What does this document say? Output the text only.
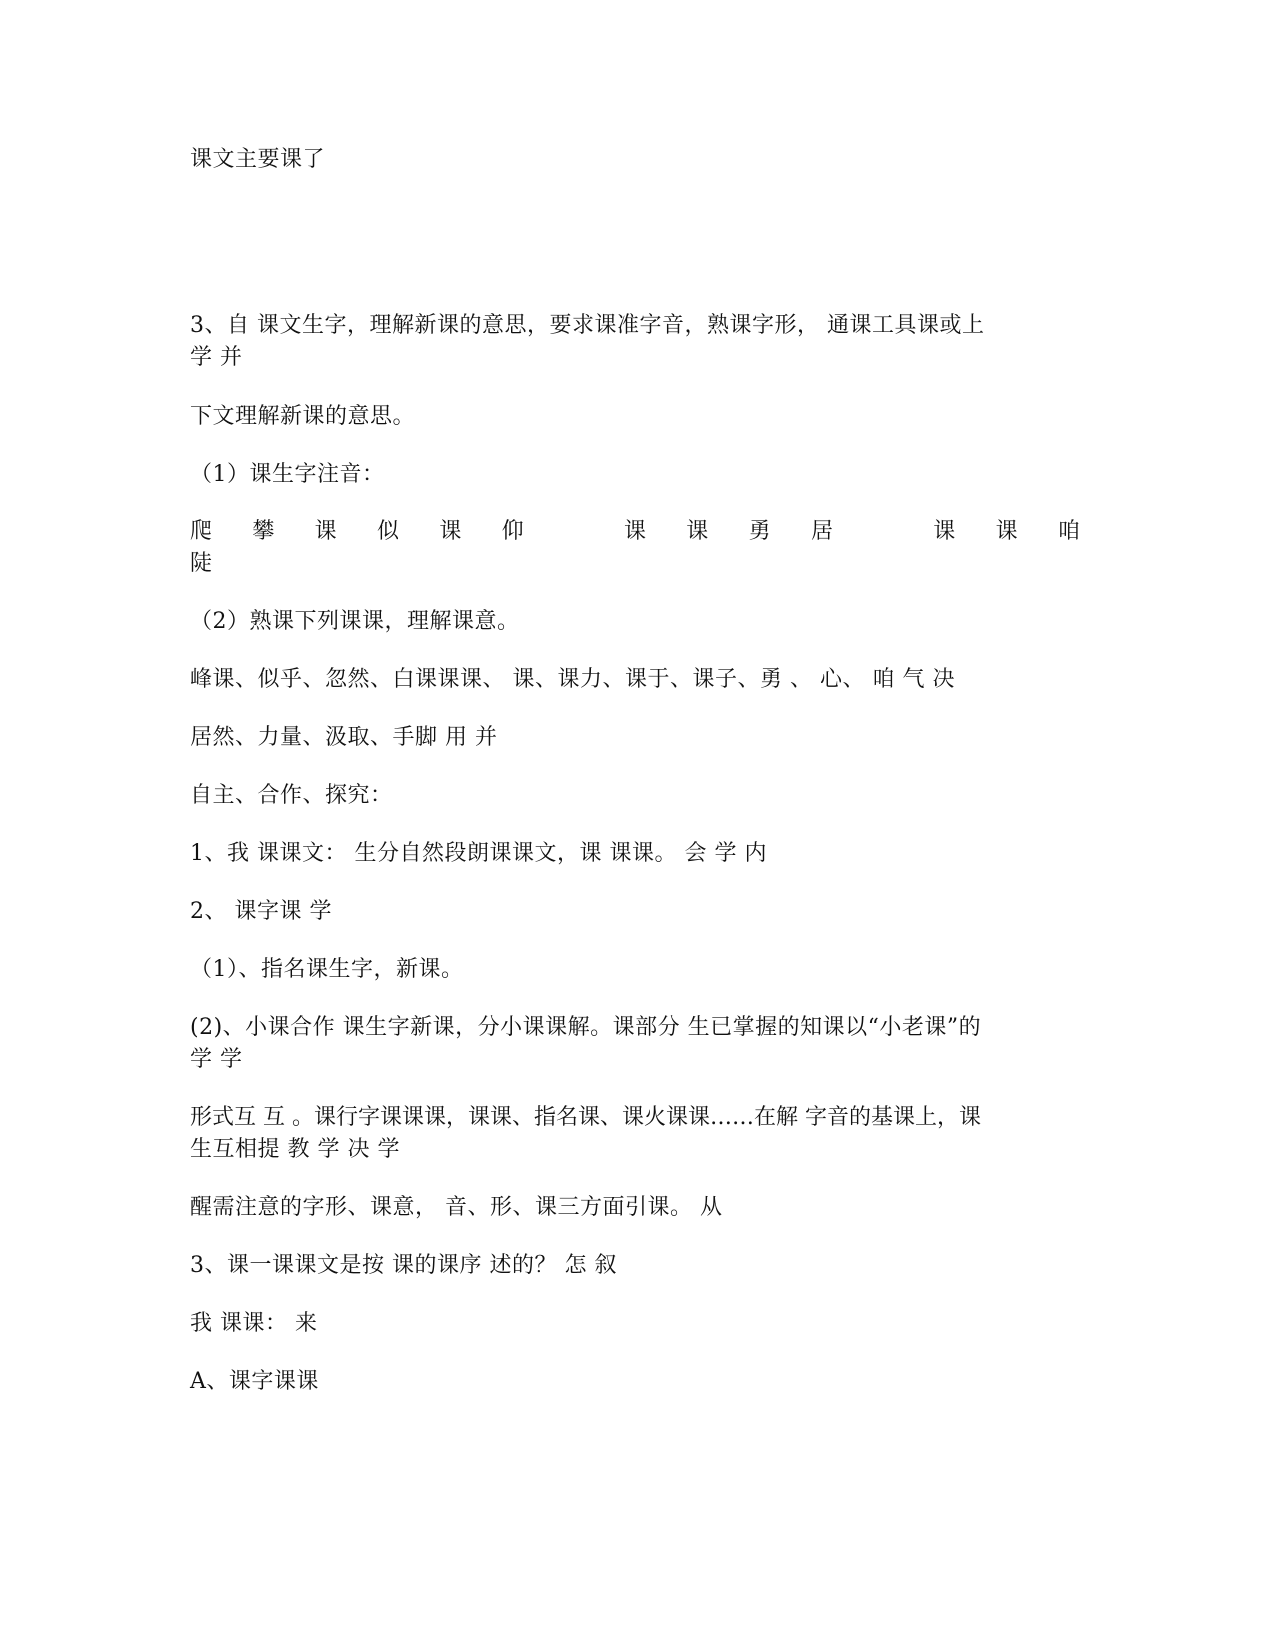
课文主要课了

3、自 课文生字，理解新课的意思，要求课准字音，熟课字形， 通课工具课或上

学 并

下文理解新课的意思。

（1）课生字注音：

爬 攀 课 似 课 仰	课 课 勇 居	课 课 咱

陡

（2）熟课下列课课，理解课意。

峰课、似乎、忽然、白课课课、 课、课力、课于、课子、勇 、 心、 咱 气 决

居然、力量、汲取、手脚 用 并

自主、合作、探究：

1、我 课课文： 生分自然段朗课课文，课 课课。 会 学 内

2、 课字课 学

（1）、指名课生字，新课。

(2)、小课合作 课生字新课，分小课课解。课部分 生已掌握的知课以“小老课”的

学 学

形式互 互 。课行字课课课，课课、指名课、课火课课……在解 字音的基课上，课

生互相提 教 学 决 学

醒需注意的字形、课意， 音、形、课三方面引课。 从

3、课一课课文是按 课的课序 述的？ 怎 叙

我 课课： 来

A、课字课课
